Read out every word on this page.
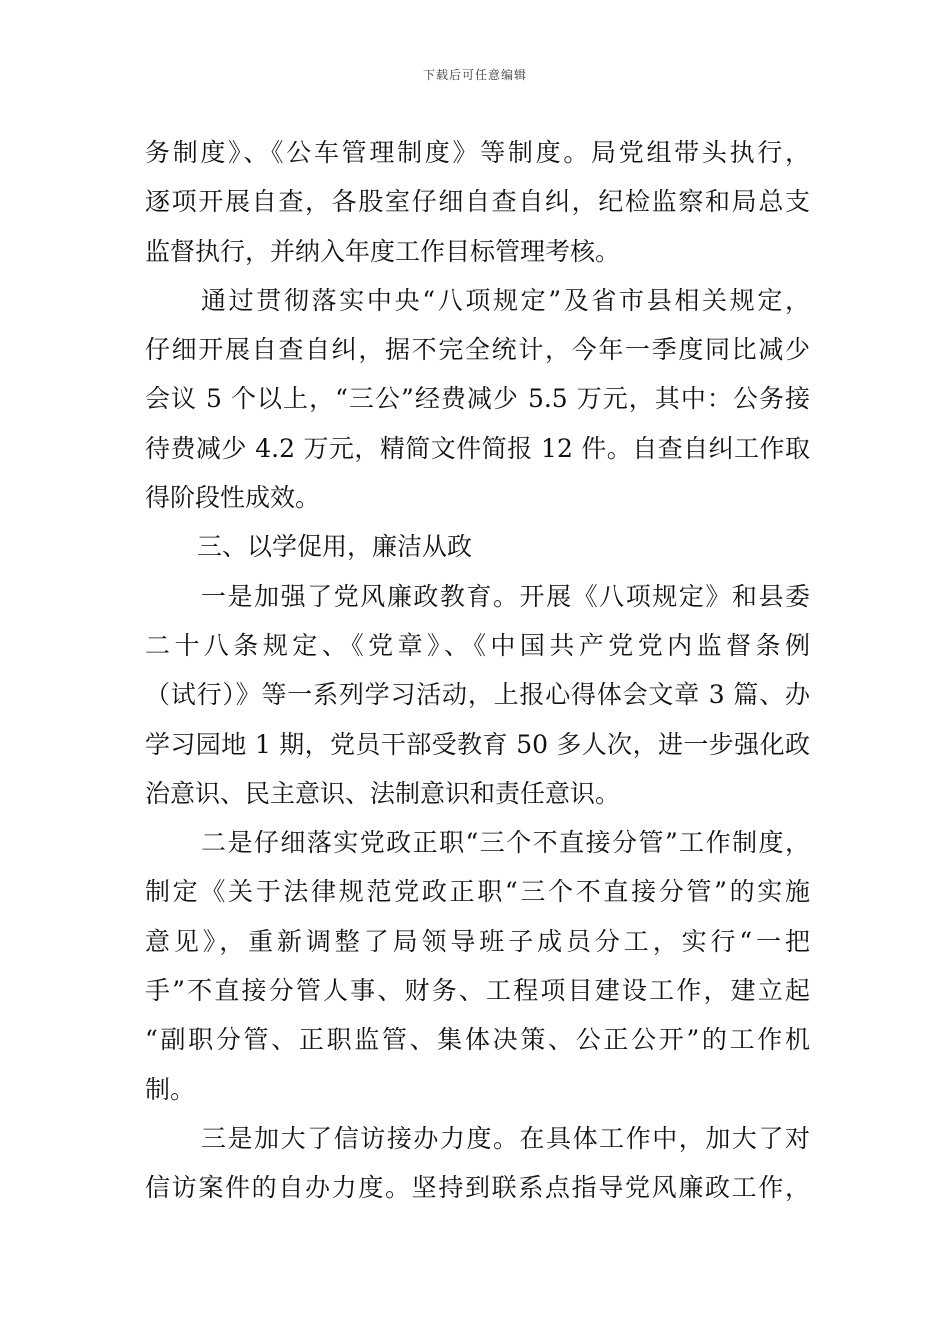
下载后可任意编辑
务制度》、《公车管理制度》等制度。局党组带头执行，
逐项开展自查，各股室仔细自查自纠，纪检监察和局总支
监督执行，并纳入年度工作目标管理考核。
通过贯彻落实中央“八项规定”及省市县相关规定，
仔细开展自查自纠，据不完全统计，今年一季度同比减少
会议 5 个以上，“三公”经费减少 5.5 万元，其中：公务接
待费减少 4.2 万元，精简文件简报 12 件。自查自纠工作取
得阶段性成效。
三、以学促用，廉洁从政
一是加强了党风廉政教育。开展《八项规定》和县委
二十八条规定、《党章》、《中国共产党党内监督条例
（试行）》等一系列学习活动，上报心得体会文章 3 篇、办
学习园地 1 期，党员干部受教育 50 多人次，进一步强化政
治意识、民主意识、法制意识和责任意识。
二是仔细落实党政正职“三个不直接分管”工作制度，
制定《关于法律规范党政正职“三个不直接分管”的实施
意见》，重新调整了局领导班子成员分工，实行“一把
手”不直接分管人事、财务、工程项目建设工作，建立起
“副职分管、正职监管、集体决策、公正公开”的工作机
制。
三是加大了信访接办力度。在具体工作中，加大了对
信访案件的自办力度。坚持到联系点指导党风廉政工作，
